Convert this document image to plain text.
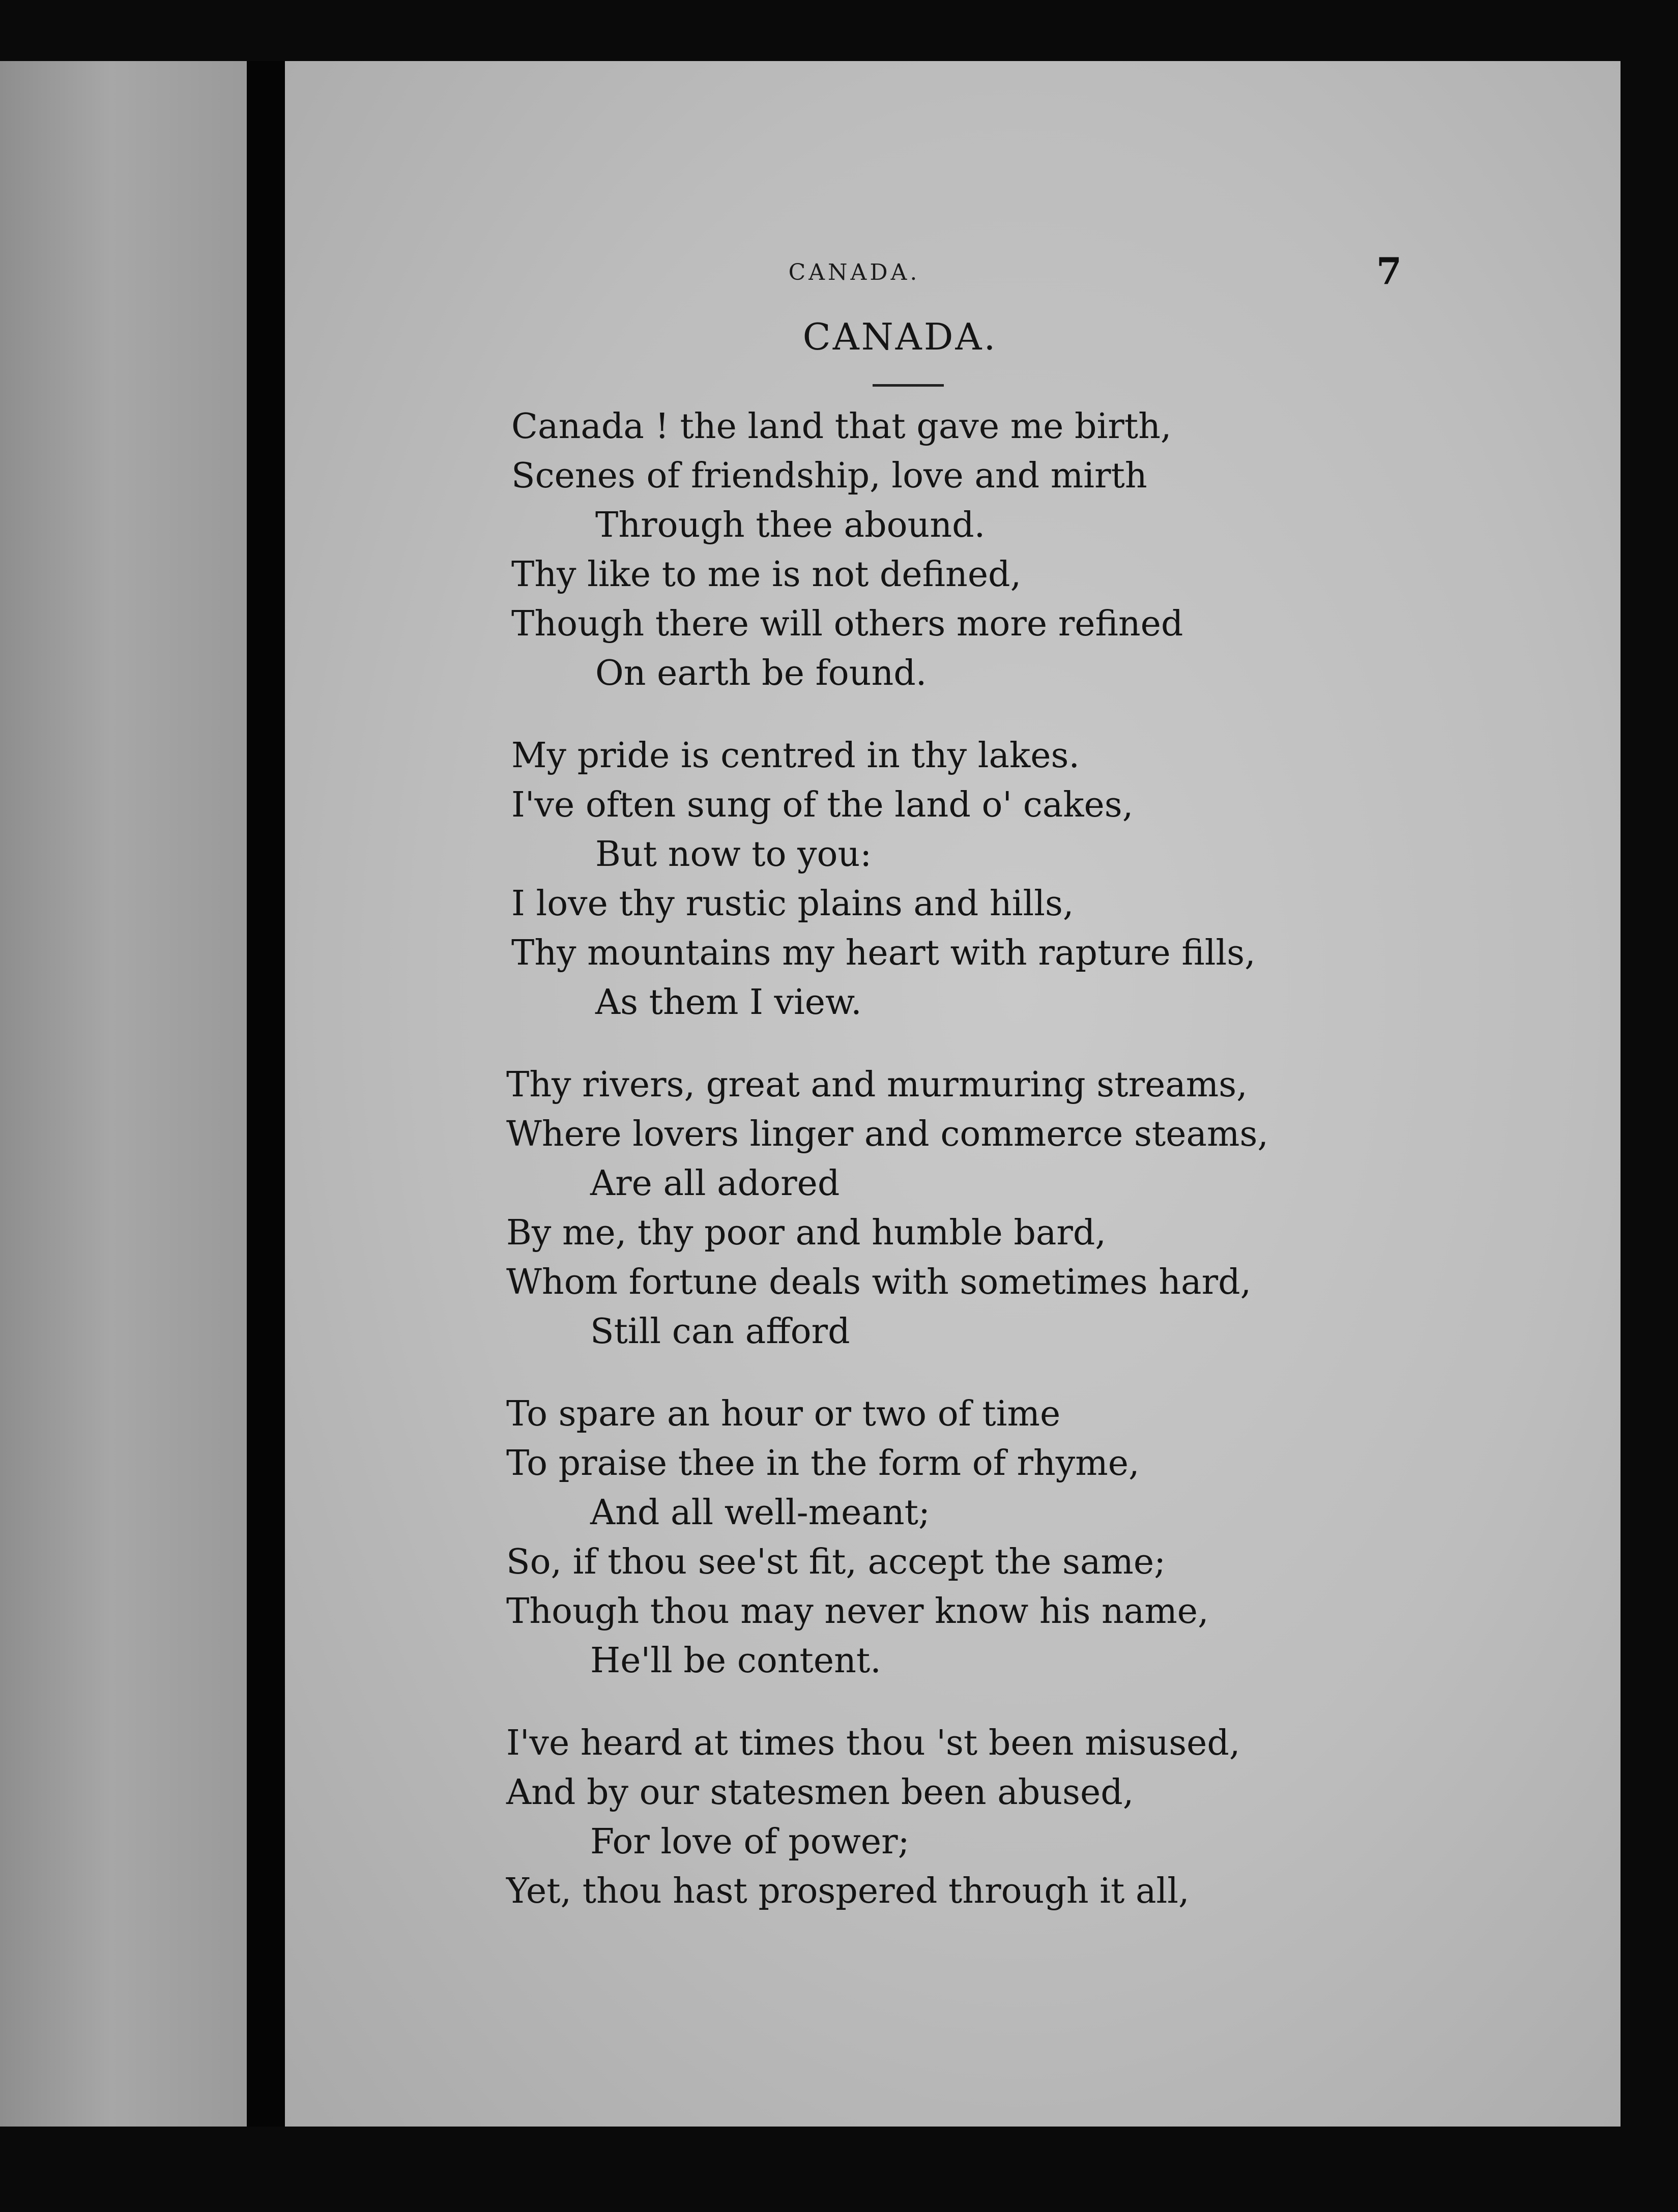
CANADA.	7
CANADA.
Canada ! the land that gave me birth,
Scenes of friendship, love and mirth
Through thee abound.
Thy like to me is not defined,
Though there will others more refined
On earth be found.
My pride is centred in thy lakes.
I've often sung of the land o' cakes,
But now to you:
I love thy rustic plains and hills,
Thy mountains my heart with rapture fills,
As them I view.
Thy rivers, great and murmuring streams,
Where lovers linger and commerce steams,
Are all adored
By me, thy poor and humble bard,
Whom fortune deals with sometimes hard,
Still can afford
To spare an hour or two of time
To praise thee in the form of rhyme,
And all well-meant;
So, if thou see'st fit, accept the same;
Though thou may never know his name,
He'll be content.
I've heard at times thou 'st been misused,
And by our statesmen been abused,
For love of power;
Yet, thou hast prospered through it all,
